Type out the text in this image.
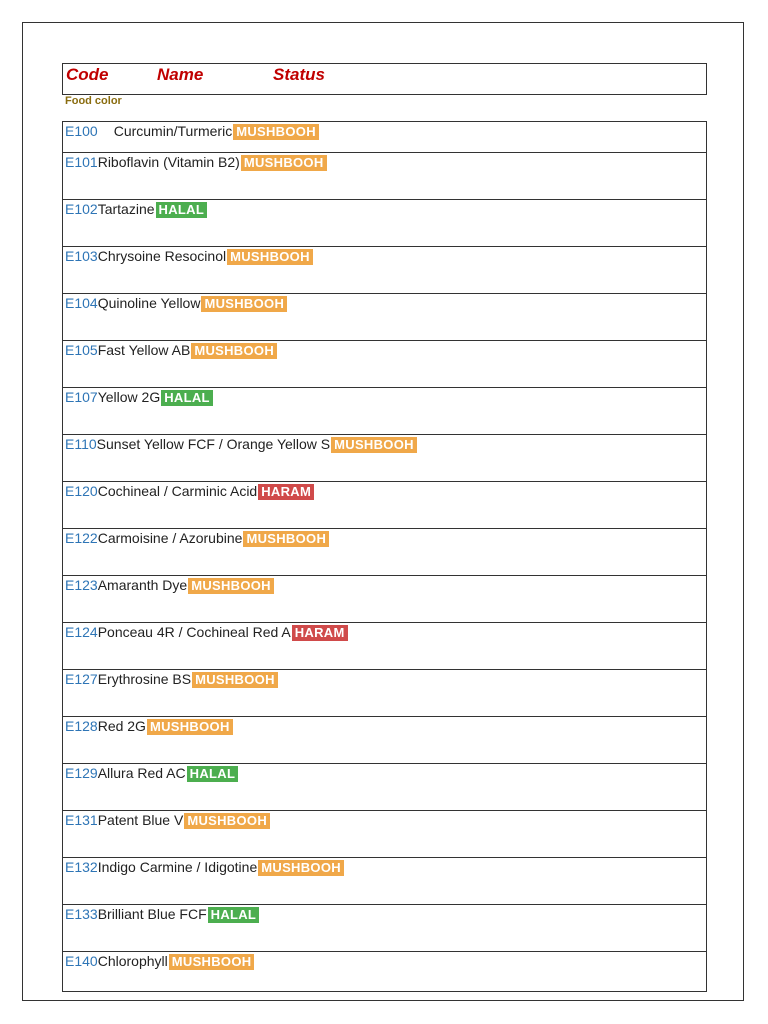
Code	Name	Status
Food color
E100 Curcumin/Turmeric MUSHBOOH
E101Riboflavin (Vitamin B2) MUSHBOOH
E102Tartazine HALAL
E103Chrysoine Resocinol MUSHBOOH
E104Quinoline Yellow MUSHBOOH
E105Fast Yellow AB MUSHBOOH
E107Yellow 2G HALAL
E110Sunset Yellow FCF / Orange Yellow S MUSHBOOH
E120Cochineal / Carminic Acid HARAM
E122Carmoisine / Azorubine MUSHBOOH
E123Amaranth Dye MUSHBOOH
E124Ponceau 4R / Cochineal Red A HARAM
E127Erythrosine BS MUSHBOOH
E128Red 2G MUSHBOOH
E129Allura Red AC HALAL
E131Patent Blue V MUSHBOOH
E132Indigo Carmine / Idigotine MUSHBOOH
E133Brilliant Blue FCF HALAL
E140Chlorophyll MUSHBOOH
